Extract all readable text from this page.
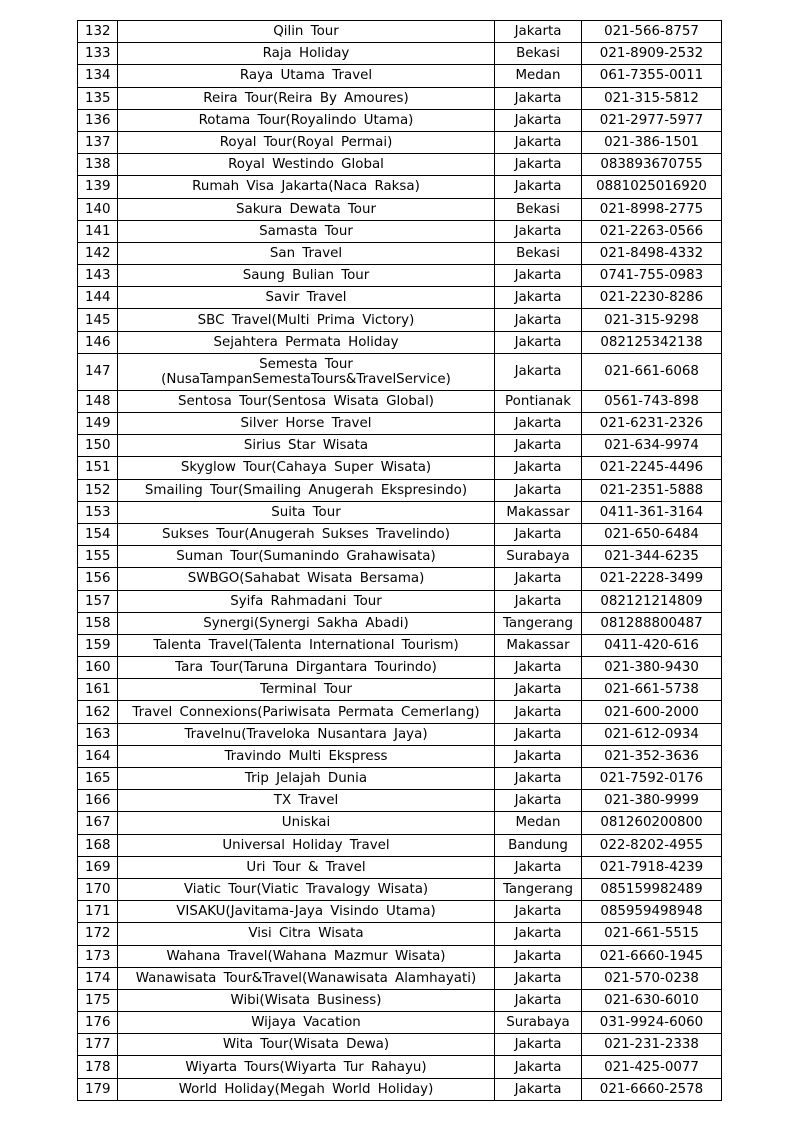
132	Qilin Tour	Jakarta	021-566-8757
133	Raja Holiday	Bekasi	021-8909-2532
134	Raya Utama Travel	Medan	061-7355-0011
135	Reira Tour(Reira By Amoures)	Jakarta	021-315-5812
136	Rotama Tour(Royalindo Utama)	Jakarta	021-2977-5977
137	Royal Tour(Royal Permai)	Jakarta	021-386-1501
138	Royal Westindo Global	Jakarta	083893670755
139	Rumah Visa Jakarta(Naca Raksa)	Jakarta	0881025016920
140	Sakura Dewata Tour	Bekasi	021-8998-2775
141	Samasta Tour	Jakarta	021-2263-0566
142	San Travel	Bekasi	021-8498-4332
143	Saung Bulian Tour	Jakarta	0741-755-0983
144	Savir Travel	Jakarta	021-2230-8286
145	SBC Travel(Multi Prima Victory)	Jakarta	021-315-9298
146	Sejahtera Permata Holiday	Jakarta	082125342138
147	Semesta Tour
(NusaTampanSemestaTours&TravelService)	Jakarta	021-661-6068
148	Sentosa Tour(Sentosa Wisata Global)	Pontianak	0561-743-898
149	Silver Horse Travel	Jakarta	021-6231-2326
150	Sirius Star Wisata	Jakarta	021-634-9974
151	Skyglow Tour(Cahaya Super Wisata)	Jakarta	021-2245-4496
152	Smailing Tour(Smailing Anugerah Ekspresindo)	Jakarta	021-2351-5888
153	Suita Tour	Makassar	0411-361-3164
154	Sukses Tour(Anugerah Sukses Travelindo)	Jakarta	021-650-6484
155	Suman Tour(Sumanindo Grahawisata)	Surabaya	021-344-6235
156	SWBGO(Sahabat Wisata Bersama)	Jakarta	021-2228-3499
157	Syifa Rahmadani Tour	Jakarta	082121214809
158	Synergi(Synergi Sakha Abadi)	Tangerang	081288800487
159	Talenta Travel(Talenta International Tourism)	Makassar	0411-420-616
160	Tara Tour(Taruna Dirgantara Tourindo)	Jakarta	021-380-9430
161	Terminal Tour	Jakarta	021-661-5738
162	Travel Connexions(Pariwisata Permata Cemerlang)	Jakarta	021-600-2000
163	Travelnu(Traveloka Nusantara Jaya)	Jakarta	021-612-0934
164	Travindo Multi Ekspress	Jakarta	021-352-3636
165	Trip Jelajah Dunia	Jakarta	021-7592-0176
166	TX Travel	Jakarta	021-380-9999
167	Uniskai	Medan	081260200800
168	Universal Holiday Travel	Bandung	022-8202-4955
169	Uri Tour & Travel	Jakarta	021-7918-4239
170	Viatic Tour(Viatic Travalogy Wisata)	Tangerang	085159982489
171	VISAKU(Javitama-Jaya Visindo Utama)	Jakarta	085959498948
172	Visi Citra Wisata	Jakarta	021-661-5515
173	Wahana Travel(Wahana Mazmur Wisata)	Jakarta	021-6660-1945
174	Wanawisata Tour&Travel(Wanawisata Alamhayati)	Jakarta	021-570-0238
175	Wibi(Wisata Business)	Jakarta	021-630-6010
176	Wijaya Vacation	Surabaya	031-9924-6060
177	Wita Tour(Wisata Dewa)	Jakarta	021-231-2338
178	Wiyarta Tours(Wiyarta Tur Rahayu)	Jakarta	021-425-0077
179	World Holiday(Megah World Holiday)	Jakarta	021-6660-2578
